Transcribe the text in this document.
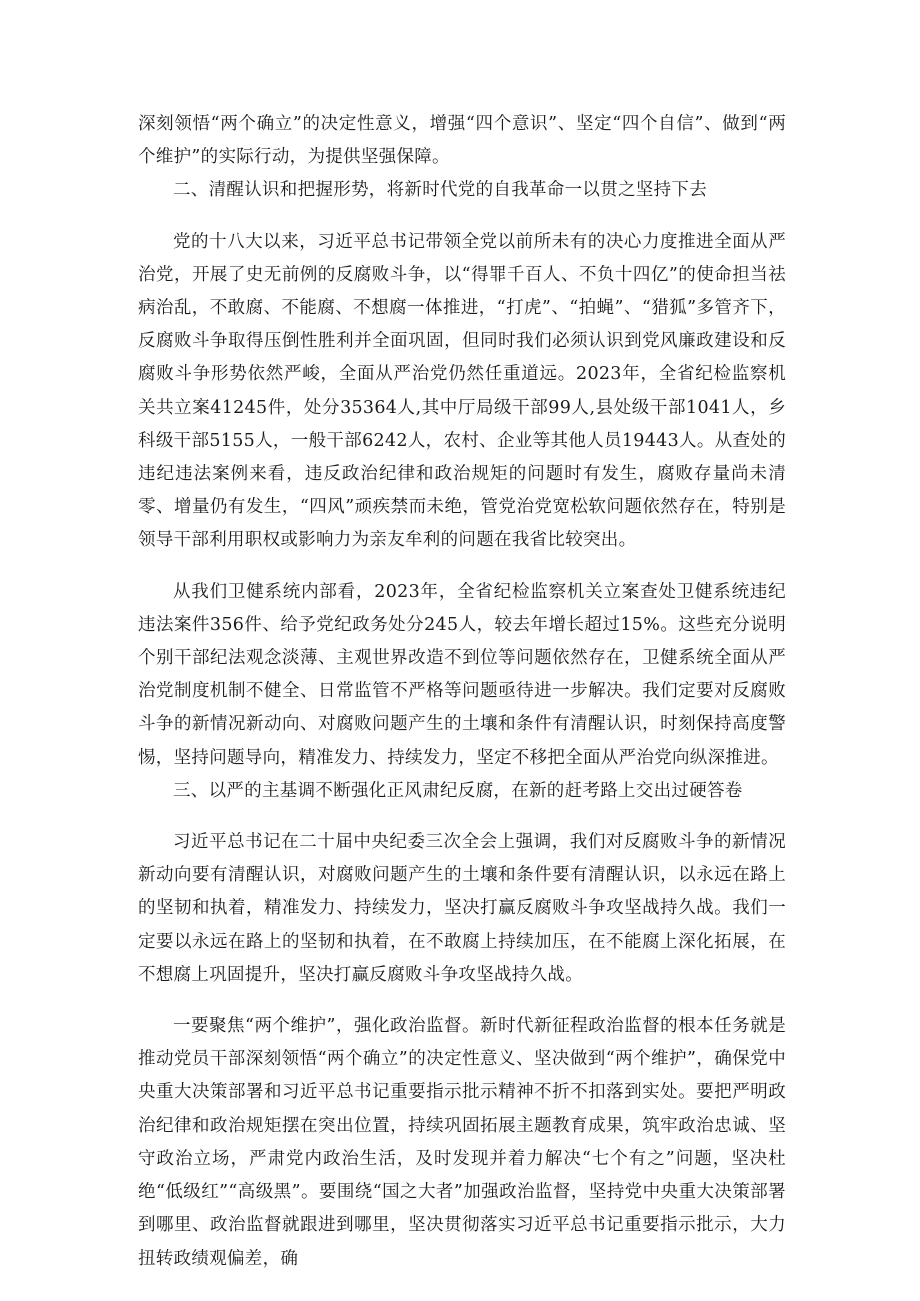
深刻领悟“两个确立”的决定性意义，增强“四个意识”、坚定“四个自信”、做到“两个维护”的实际行动，为提供坚强保障。

二、清醒认识和把握形势，将新时代党的自我革命一以贯之坚持下去

党的十八大以来，习近平总书记带领全党以前所未有的决心力度推进全面从严治党，开展了史无前例的反腐败斗争，以“得罪千百人、不负十四亿”的使命担当祛病治乱，不敢腐、不能腐、不想腐一体推进，“打虎”、“拍蝇”、“猎狐”多管齐下，反腐败斗争取得压倒性胜利并全面巩固，但同时我们必须认识到党风廉政建设和反腐败斗争形势依然严峻，全面从严治党仍然任重道远。2023年，全省纪检监察机关共立案41245件，处分35364人,其中厅局级干部99人,县处级干部1041人，乡科级干部5155人，一般干部6242人，农村、企业等其他人员19443人。从查处的违纪违法案例来看，违反政治纪律和政治规矩的问题时有发生，腐败存量尚未清零、增量仍有发生，“四风”顽疾禁而未绝，管党治党宽松软问题依然存在，特别是领导干部利用职权或影响力为亲友牟利的问题在我省比较突出。

从我们卫健系统内部看，2023年，全省纪检监察机关立案查处卫健系统违纪违法案件356件、给予党纪政务处分245人，较去年增长超过15%。这些充分说明个别干部纪法观念淡薄、主观世界改造不到位等问题依然存在，卫健系统全面从严治党制度机制不健全、日常监管不严格等问题亟待进一步解决。我们定要对反腐败斗争的新情况新动向、对腐败问题产生的土壤和条件有清醒认识，时刻保持高度警惕，坚持问题导向，精准发力、持续发力，坚定不移把全面从严治党向纵深推进。

三、以严的主基调不断强化正风肃纪反腐，在新的赶考路上交出过硬答卷

习近平总书记在二十届中央纪委三次全会上强调，我们对反腐败斗争的新情况新动向要有清醒认识，对腐败问题产生的土壤和条件要有清醒认识，以永远在路上的坚韧和执着，精准发力、持续发力，坚决打赢反腐败斗争攻坚战持久战。我们一定要以永远在路上的坚韧和执着，在不敢腐上持续加压，在不能腐上深化拓展，在不想腐上巩固提升，坚决打赢反腐败斗争攻坚战持久战。

一要聚焦“两个维护”，强化政治监督。新时代新征程政治监督的根本任务就是推动党员干部深刻领悟“两个确立”的决定性意义、坚决做到“两个维护”，确保党中央重大决策部署和习近平总书记重要指示批示精神不折不扣落到实处。要把严明政治纪律和政治规矩摆在突出位置，持续巩固拓展主题教育成果，筑牢政治忠诚、坚守政治立场，严肃党内政治生活，及时发现并着力解决“七个有之”问题，坚决杜绝“低级红”“高级黑”。要围绕“国之大者”加强政治监督，坚持党中央重大决策部署到哪里、政治监督就跟进到哪里，坚决贯彻落实习近平总书记重要指示批示，大力扭转政绩观偏差，确
